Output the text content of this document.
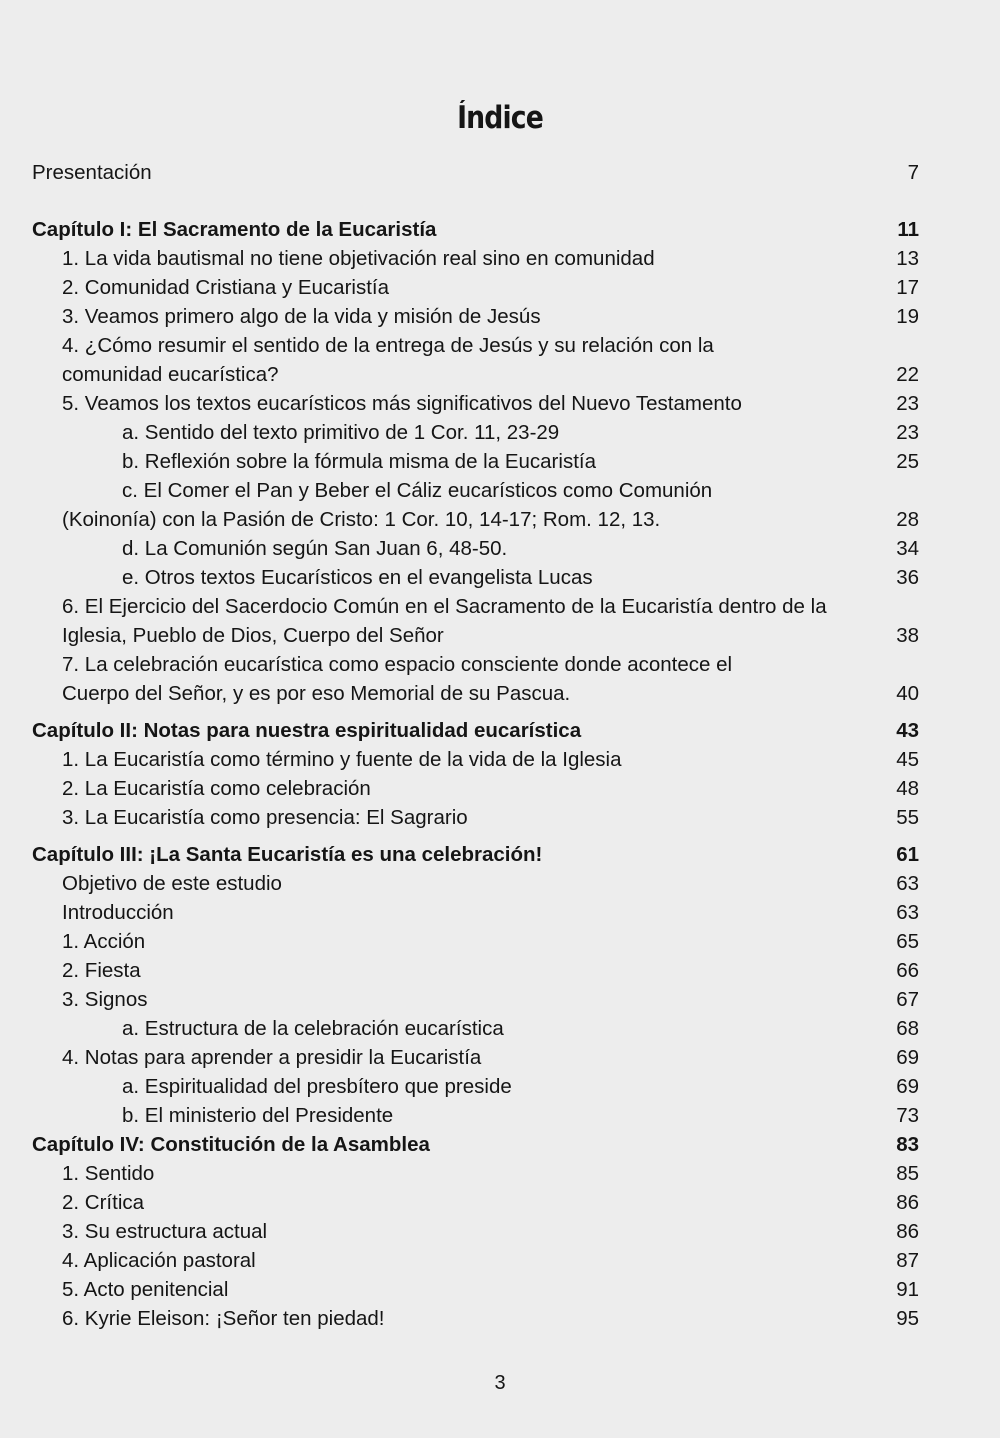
Índice
Presentación	7
Capítulo I: El Sacramento de la Eucaristía	11
1. La vida bautismal no tiene objetivación real sino en comunidad	13
2. Comunidad Cristiana y Eucaristía	17
3. Veamos primero algo de la vida y misión de Jesús	19
4. ¿Cómo resumir el sentido de la entrega de Jesús y su relación con la comunidad eucarística?	22
5. Veamos los textos eucarísticos más significativos del Nuevo Testamento	23
a. Sentido del texto primitivo de 1 Cor. 11, 23-29	23
b. Reflexión sobre la fórmula misma de la Eucaristía	25
c. El Comer el Pan y Beber el Cáliz eucarísticos como Comunión (Koinonía) con la Pasión de Cristo: 1 Cor. 10, 14-17; Rom. 12, 13.	28
d. La Comunión según San Juan 6, 48-50.	34
e. Otros textos Eucarísticos en el evangelista Lucas	36
6. El Ejercicio del Sacerdocio Común en el Sacramento de la Eucaristía dentro de la Iglesia, Pueblo de Dios, Cuerpo del Señor	38
7. La celebración eucarística como espacio consciente donde acontece el Cuerpo del Señor, y es por eso Memorial de su Pascua.	40
Capítulo II: Notas para nuestra espiritualidad eucarística	43
1. La Eucaristía como término y fuente de la vida de la Iglesia	45
2. La Eucaristía como celebración	48
3. La Eucaristía como presencia: El Sagrario	55
Capítulo III: ¡La Santa Eucaristía es una celebración!	61
Objetivo de este estudio	63
Introducción	63
1. Acción	65
2. Fiesta	66
3. Signos	67
a. Estructura de la celebración eucarística	68
4. Notas para aprender a presidir la Eucaristía	69
a. Espiritualidad del presbítero que preside	69
b. El ministerio del Presidente	73
Capítulo IV: Constitución de la Asamblea	83
1. Sentido	85
2. Crítica	86
3. Su estructura actual	86
4. Aplicación pastoral	87
5. Acto penitencial	91
6. Kyrie Eleison: ¡Señor ten piedad!	95
3
